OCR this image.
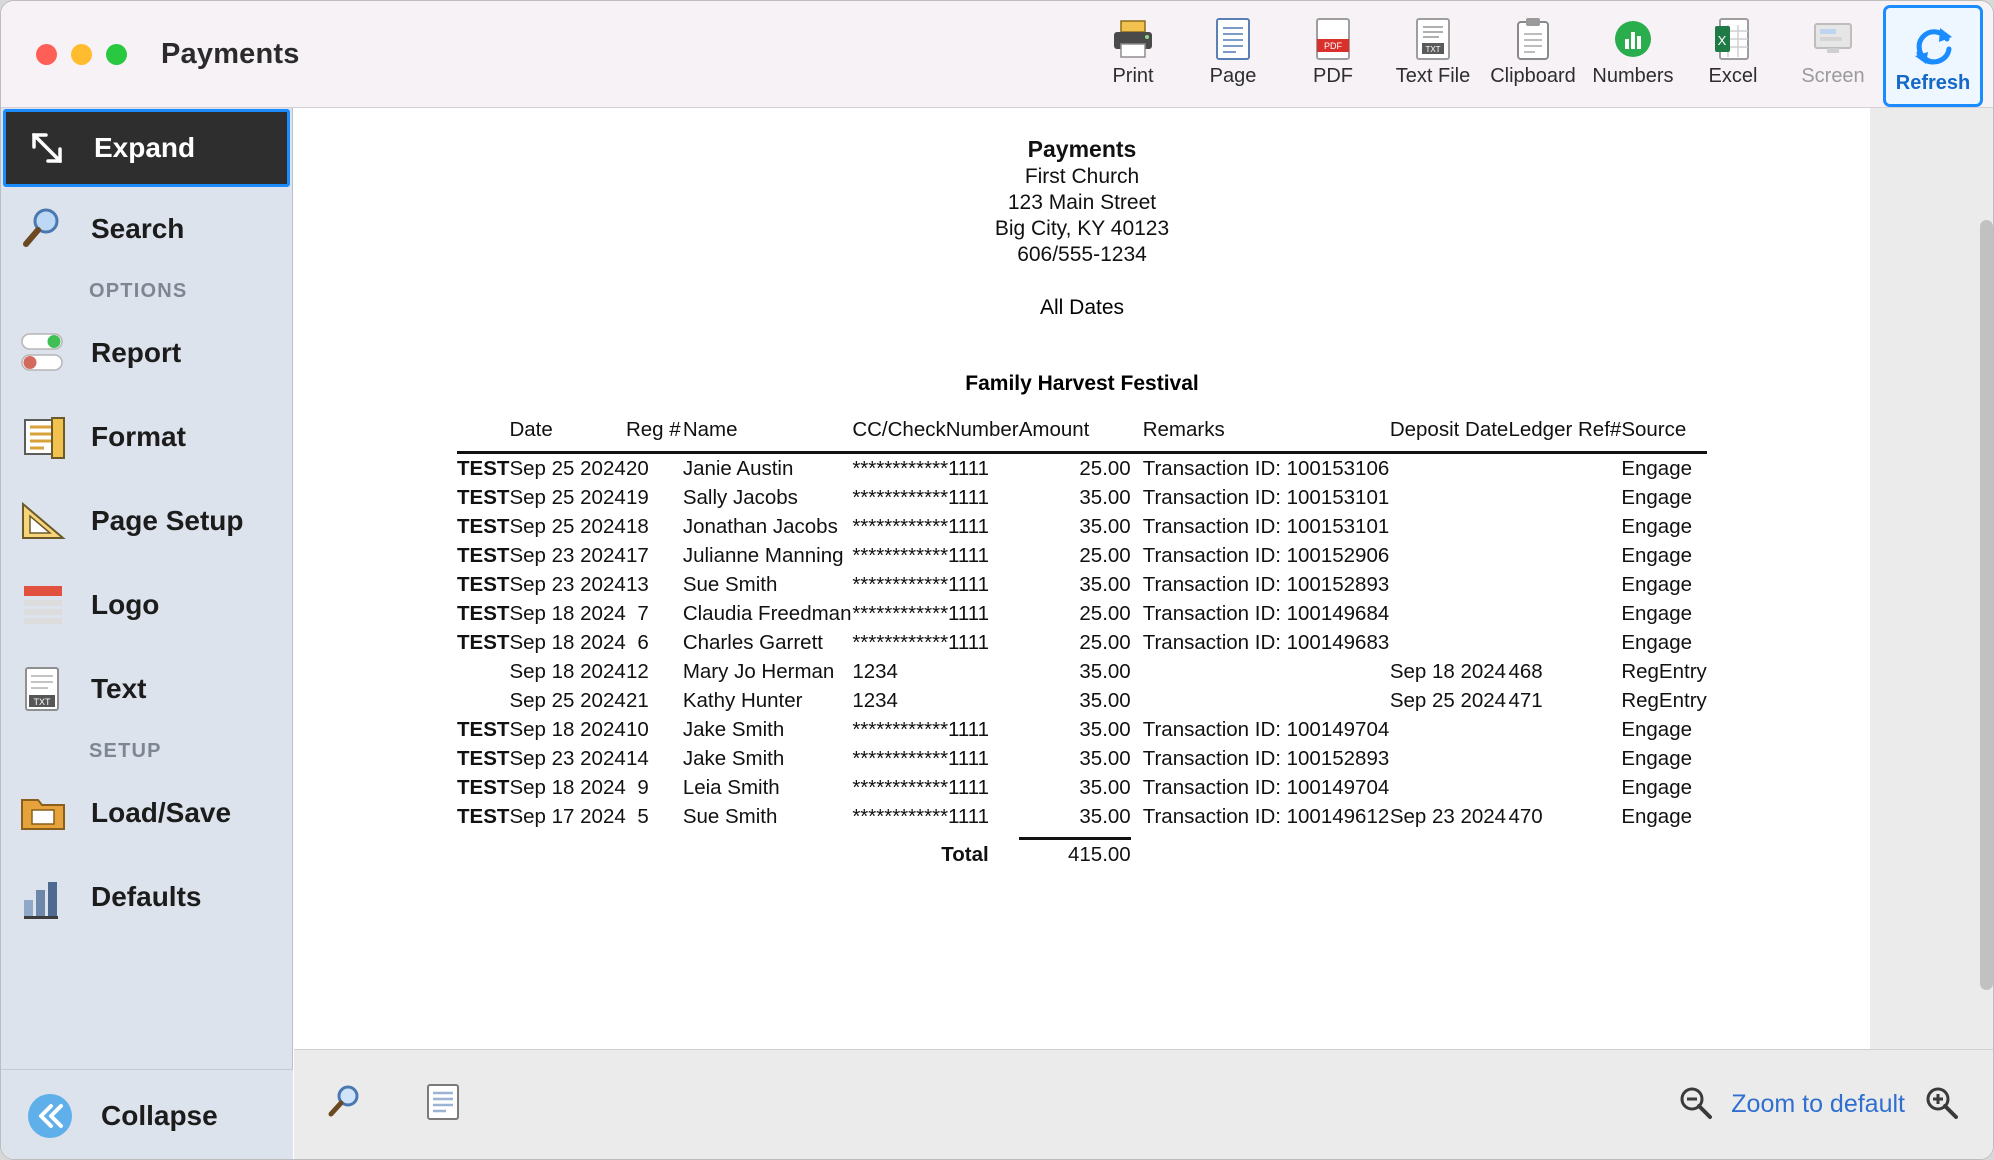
Payments
Print	Page
PDF
PDF
TXT
Text File Clipboard Numbers
X
Excel Screen Refresh
Expand
Search
OPTIONS
Report
Format
Page Setup
Logo
TXT Text
SETUP
Load/Save
Defaults
Collapse
Payments
First Church
123 Main Street
Big City, KY 40123
606/555-1234
All Dates
Family Harvest Festival
	Date	Reg #	Name	CC/CheckNumber	Amount	Remarks	Deposit Date	Ledger Ref#	Source
TEST	Sep 25 2024	20	Janie Austin	************1111	25.00	Transaction ID: 100153106			Engage
TEST	Sep 25 2024	19	Sally Jacobs	************1111	35.00	Transaction ID: 100153101			Engage
TEST	Sep 25 2024	18	Jonathan Jacobs	************1111	35.00	Transaction ID: 100153101			Engage
TEST	Sep 23 2024	17	Julianne Manning	************1111	25.00	Transaction ID: 100152906			Engage
TEST	Sep 23 2024	13	Sue Smith	************1111	35.00	Transaction ID: 100152893			Engage
TEST	Sep 18 2024	7	Claudia Freedman	************1111	25.00	Transaction ID: 100149684			Engage
TEST	Sep 18 2024	6	Charles Garrett	************1111	25.00	Transaction ID: 100149683			Engage
	Sep 18 2024	12	Mary Jo Herman	1234	35.00		Sep 18 2024	468	RegEntry
	Sep 25 2024	21	Kathy Hunter	1234	35.00		Sep 25 2024	471	RegEntry
TEST	Sep 18 2024	10	Jake Smith	************1111	35.00	Transaction ID: 100149704			Engage
TEST	Sep 23 2024	14	Jake Smith	************1111	35.00	Transaction ID: 100152893			Engage
TEST	Sep 18 2024	9	Leia Smith	************1111	35.00	Transaction ID: 100149704			Engage
TEST	Sep 17 2024	5	Sue Smith	************1111	35.00	Transaction ID: 100149612	Sep 23 2024	470	Engage

				Total	415.00				
Zoom to default
